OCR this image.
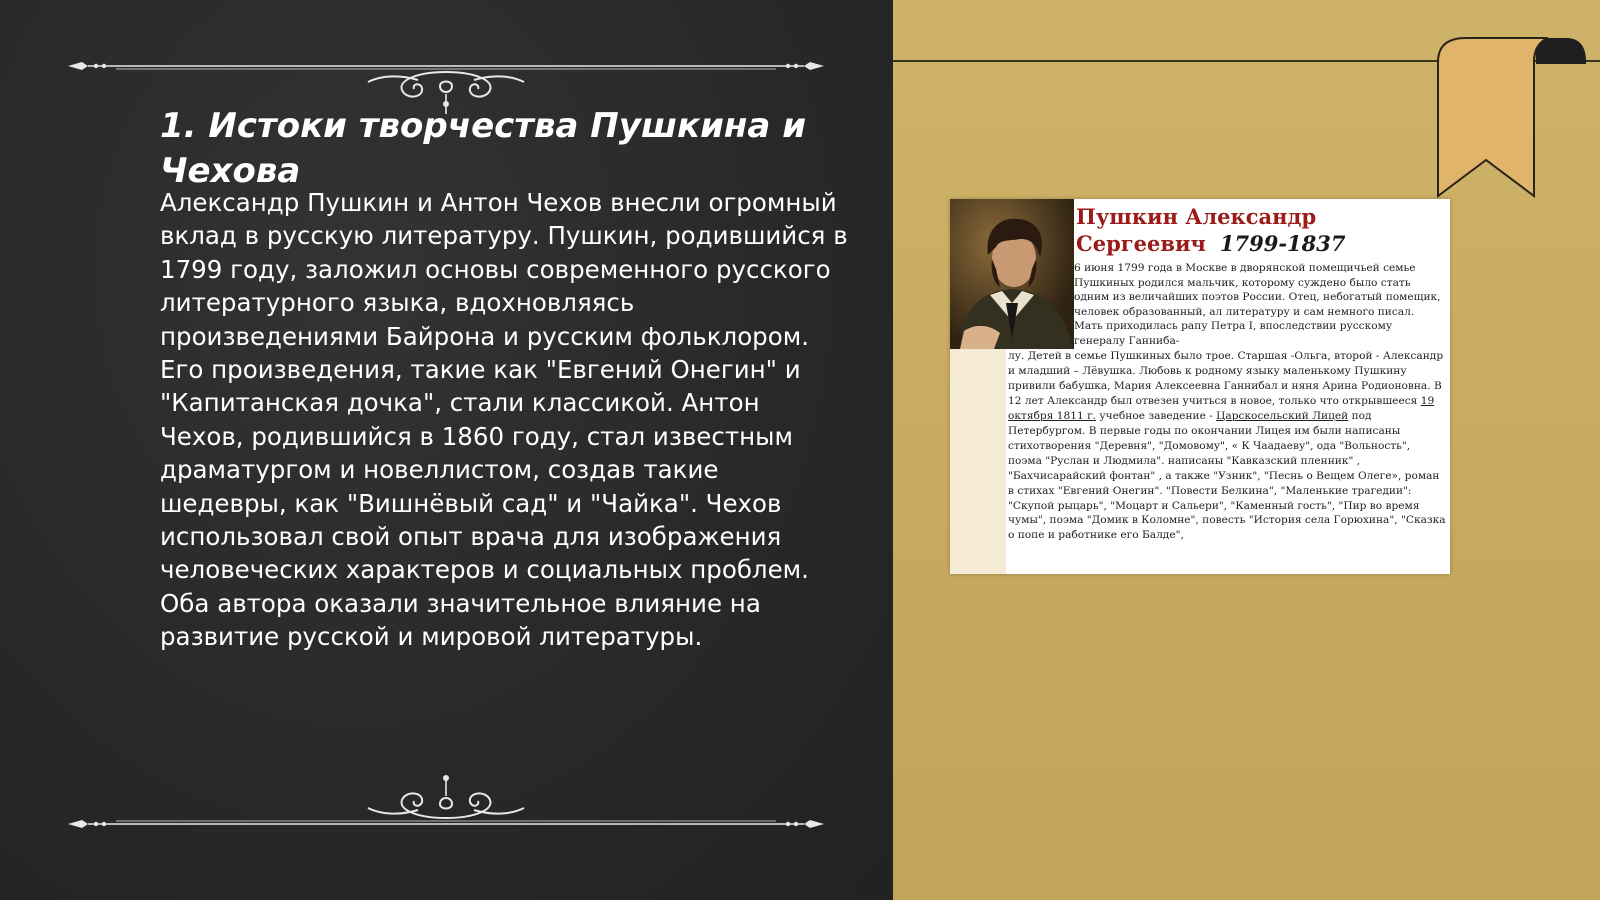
1. Истоки творчества Пушкина и Чехова

Александр Пушкин и Антон Чехов внесли огромный вклад в русскую литературу. Пушкин, родившийся в 1799 году, заложил основы современного русского литературного языка, вдохновляясь произведениями Байрона и русским фольклором. Его произведения, такие как "Евгений Онегин" и "Капитанская дочка", стали классикой. Антон Чехов, родившийся в 1860 году, стал известным драматургом и новеллистом, создав такие шедевры, как "Вишнёвый сад" и "Чайка". Чехов использовал свой опыт врача для изображения человеческих характеров и социальных проблем. Оба автора оказали значительное влияние на развитие русской и мировой литературы.

Пушкин Александр Сергеевич 1799-1837

6 июня 1799 года в Москве в дворянской помещичьей семье Пушкиных родился мальчик, которому суждено было стать одним из величайших поэтов России. Отец, небогатый помещик, человек образованный, ал литературу и сам немного писал. Мать приходилась рапу Петра I, впоследствии русскому генералу Ганниба-

лу. Детей в семье Пушкиных было трое. Старшая -Ольга, второй - Александр и младший – Лёвушка. Любовь к родному языку маленькому Пушкину привили бабушка, Мария Алексеевна Ганнибал и няня Арина Родионовна. В 12 лет Александр был отвезен учиться в новое, только что открывшееся 19 октября 1811 г. учебное заведение - Царскосельский Лицей под Петербургом. В первые годы по окончании Лицея им были написаны стихотворения "Деревня", "Домовому", « К Чаадаеву", ода "Вольность", поэма "Руслан и Людмила". написаны "Кавказский пленник" , "Бахчисарайский фонтан" , а также "Узник", "Песнь о Вещем Олеге», роман в стихах "Евгений Онегин". "Повести Белкина", "Маленькие трагедии": "Скупой рыцарь", "Моцарт и Сальери", "Каменный гость", "Пир во время чумы", поэма "Домик в Коломне", повесть "История села Горюхина", "Сказка о попе и работнике его Балде",
